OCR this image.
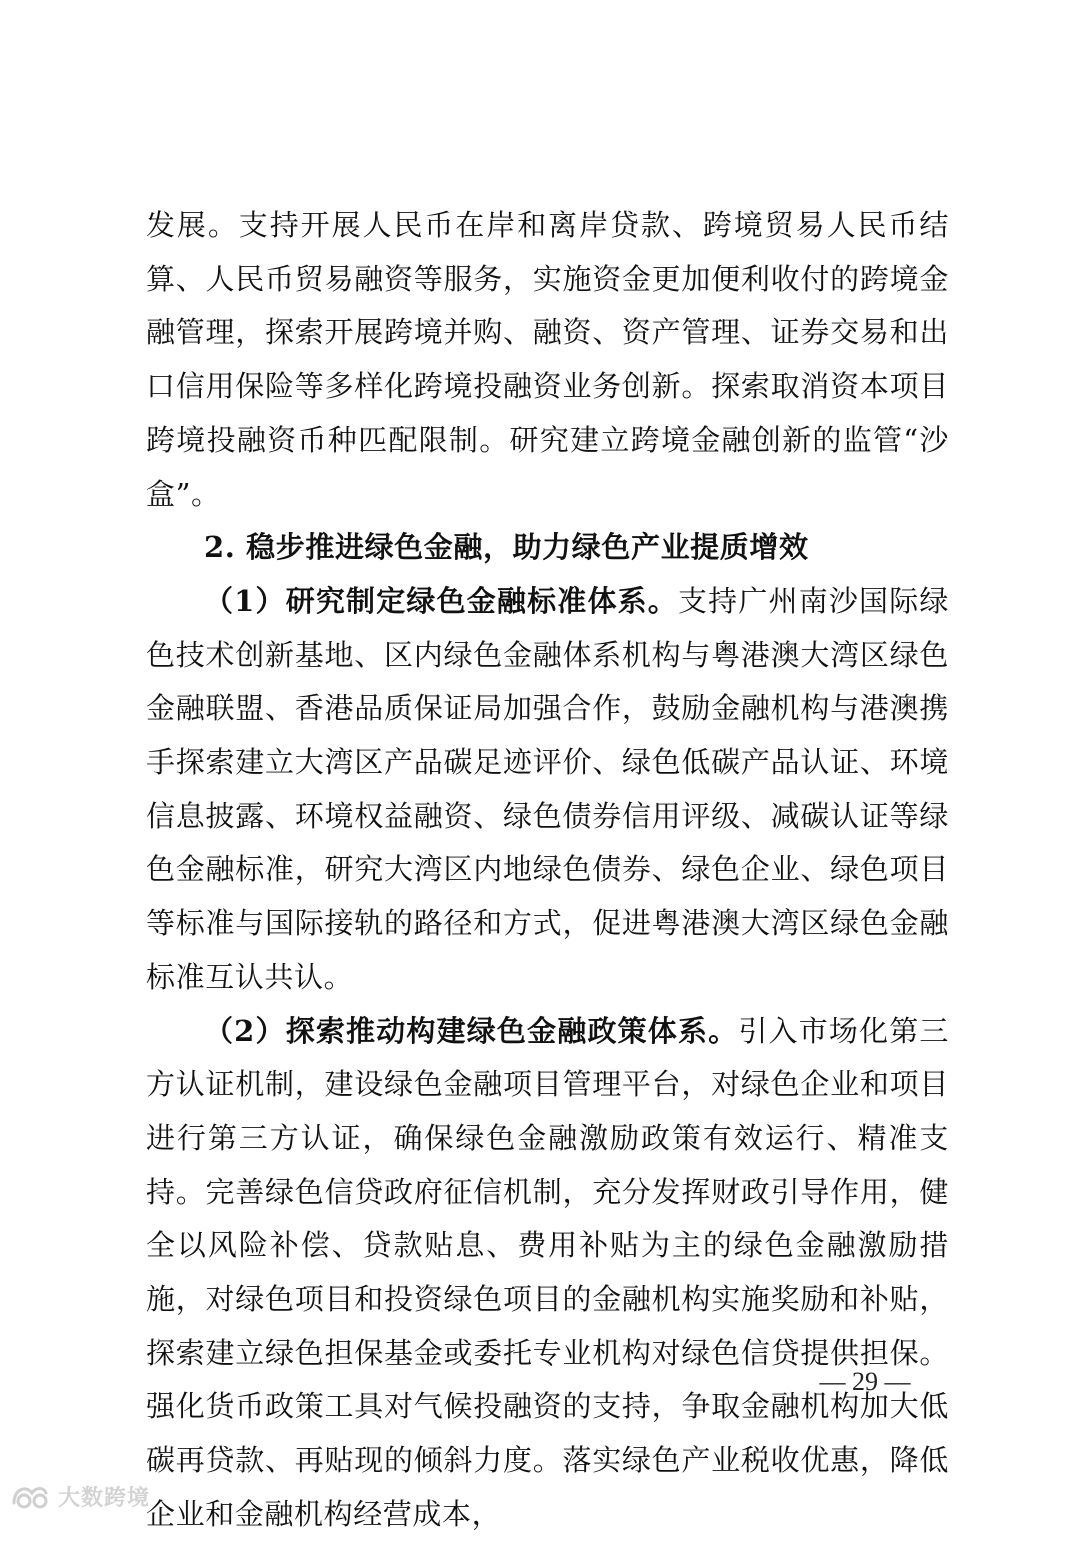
发展。支持开展人民币在岸和离岸贷款、跨境贸易人民币结算、人民币贸易融资等服务，实施资金更加便利收付的跨境金融管理，探索开展跨境并购、融资、资产管理、证券交易和出口信用保险等多样化跨境投融资业务创新。探索取消资本项目跨境投融资币种匹配限制。研究建立跨境金融创新的监管“沙盒”。

2. 稳步推进绿色金融，助力绿色产业提质增效

（1）研究制定绿色金融标准体系。支持广州南沙国际绿色技术创新基地、区内绿色金融体系机构与粤港澳大湾区绿色金融联盟、香港品质保证局加强合作，鼓励金融机构与港澳携手探索建立大湾区产品碳足迹评价、绿色低碳产品认证、环境信息披露、环境权益融资、绿色债券信用评级、减碳认证等绿色金融标准，研究大湾区内地绿色债券、绿色企业、绿色项目等标准与国际接轨的路径和方式，促进粤港澳大湾区绿色金融标准互认共认。

（2）探索推动构建绿色金融政策体系。引入市场化第三方认证机制，建设绿色金融项目管理平台，对绿色企业和项目进行第三方认证，确保绿色金融激励政策有效运行、精准支持。完善绿色信贷政府征信机制，充分发挥财政引导作用，健全以风险补偿、贷款贴息、费用补贴为主的绿色金融激励措施，对绿色项目和投资绿色项目的金融机构实施奖励和补贴，探索建立绿色担保基金或委托专业机构对绿色信贷提供担保。强化货币政策工具对气候投融资的支持，争取金融机构加大低碳再贷款、再贴现的倾斜力度。落实绿色产业税收优惠，降低企业和金融机构经营成本，

— 29 —
大数跨境
